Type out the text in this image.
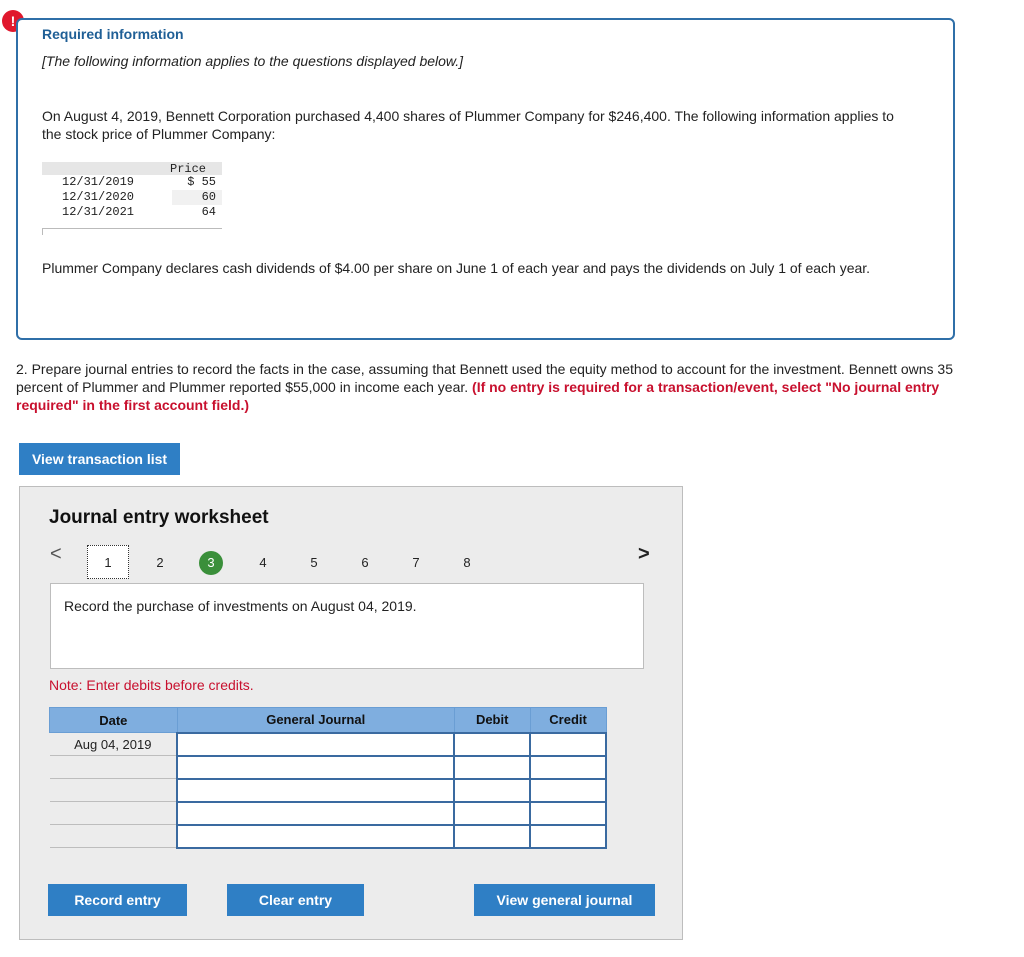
!
Required information
[The following information applies to the questions displayed below.]
On August 4, 2019, Bennett Corporation purchased 4,400 shares of Plummer Company for $246,400. The following information applies to the stock price of Plummer Company:
Price
12/31/2019	$ 55
12/31/2020	60
12/31/2021	64
Plummer Company declares cash dividends of $4.00 per share on June 1 of each year and pays the dividends on July 1 of each year.
2. Prepare journal entries to record the facts in the case, assuming that Bennett used the equity method to account for the investment. Bennett owns 35 percent of Plummer and Plummer reported $55,000 in income each year. (If no entry is required for a transaction/event, select "No journal entry required" in the first account field.)
View transaction list
Journal entry worksheet
<	1	2	3	4	5	6	7	8	>
Record the purchase of investments on August 04, 2019.
Note: Enter debits before credits.
Date	General Journal	Debit	Credit
Aug 04, 2019			

Record entry	Clear entry	View general journal
